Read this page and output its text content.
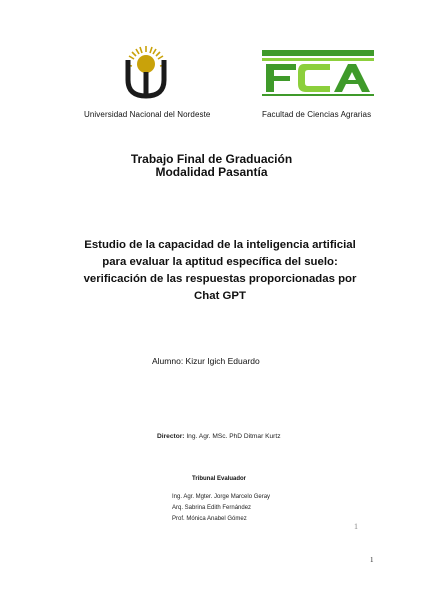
Universidad Nacional del Nordeste	Facultad de Ciencias Agrarias
Trabajo Final de Graduación
Modalidad Pasantía
Estudio de la capacidad de la inteligencia artificial
para evaluar la aptitud específica del suelo:
verificación de las respuestas proporcionadas por
Chat GPT
Alumno: Kizur Igich Eduardo
Director: Ing. Agr. MSc. PhD Ditmar Kurtz
Tribunal Evaluador
Ing. Agr. Mgter. Jorge Marcelo Geray
Arq. Sabrina Edith Fernández
Prof. Mónica Anabel Gómez
1
1
